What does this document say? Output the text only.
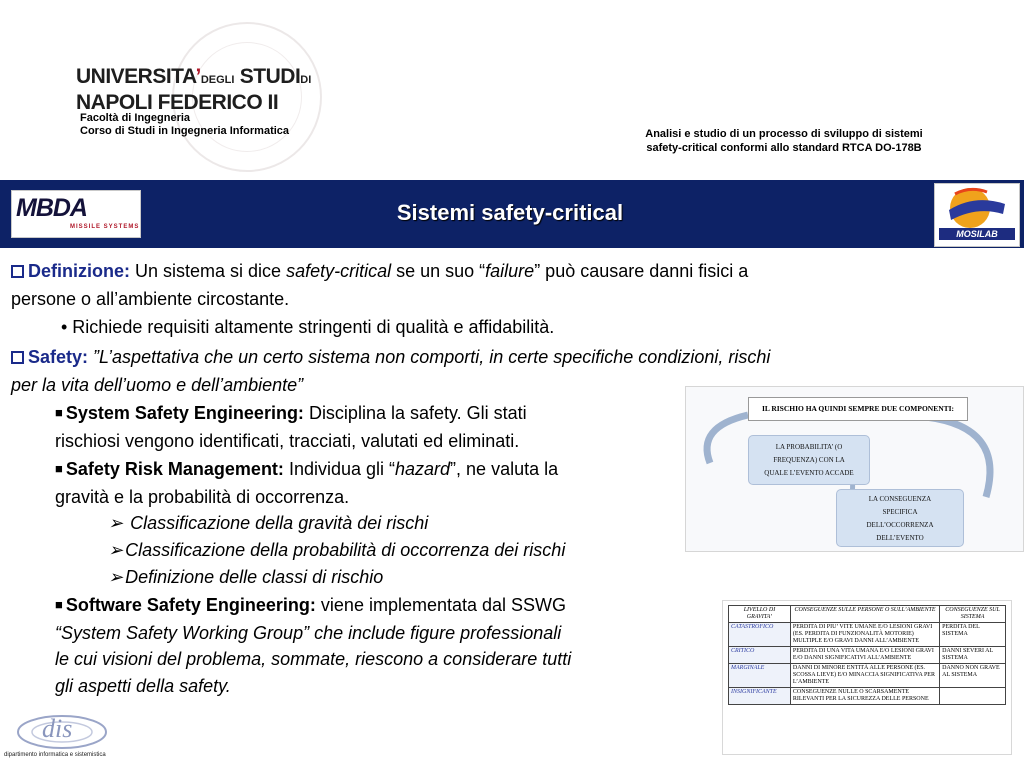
UNIVERSITA’DEGLI STUDIDI
NAPOLI FEDERICO II
Facoltà di Ingegneria
Corso di Studi in Ingegneria Informatica	Analisi e studio di un processo di sviluppo di sistemi
safety-critical conformi allo standard RTCA DO-178B
MBDA
MISSILE SYSTEMS
Sistemi safety-critical
MOSILAB
Definizione: Un sistema si dice safety-critical se un suo “failure” può causare danni fisici a
persone o all’ambiente circostante.
• Richiede requisiti altamente stringenti di qualità e affidabilità.
Safety: ”L’aspettativa che un certo sistema non comporti, in certe specifiche condizioni, rischi
per la vita dell’uomo e dell’ambiente”
■ System Safety Engineering: Disciplina la safety. Gli stati
rischiosi vengono identificati, tracciati, valutati ed eliminati.
■ Safety Risk Management: Individua gli “hazard”, ne valuta la
gravità e la probabilità di occorrenza.
➢ Classificazione della gravità dei rischi
➢ Classificazione della probabilità di occorrenza dei rischi
➢ Definizione delle classi di rischio
■ Software Safety Engineering: viene implementata dal SSWG
“System Safety Working Group” che include figure professionali
le cui visioni del problema, sommate, riescono a considerare tutti
gli aspetti della safety.
IL RISCHIO HA QUINDI SEMPRE DUE COMPONENTI:
LA PROBABILITA’ (O
FREQUENZA) CON LA
QUALE L’EVENTO ACCADE
LA CONSEGUENZA
SPECIFICA
DELL’OCCORRENZA
DELL’EVENTO
LIVELLO DI GRAVITA’	CONSEGUENZE SULLE PERSONE O SULL’AMBIENTE	CONSEGUENZE SUL SISTEMA
CATASTROFICO	PERDITA DI PIU’ VITE UMANE E/O LESIONI GRAVI (ES. PERDITA DI FUNZIONALITÀ MOTORIE) MULTIPLE E/O GRAVI DANNI ALL’AMBIENTE	PERDITA DEL SISTEMA
CRITICO	PERDITA DI UNA VITA UMANA E/O LESIONI GRAVI E/O DANNI SIGNIFICATIVI ALL’AMBIENTE	DANNI SEVERI AL SISTEMA
MARGINALE	DANNI DI MINORE ENTITÀ ALLE PERSONE (ES. SCOSSA LIEVE) E/O MINACCIA SIGNIFICATIVA PER L’AMBIENTE	DANNO NON GRAVE AL SISTEMA
INSIGNIFICANTE	CONSEGUENZE NULLE O SCARSAMENTE RILEVANTI PER LA SICUREZZA DELLE PERSONE	
dis
dipartimento informatica e sistemistica
